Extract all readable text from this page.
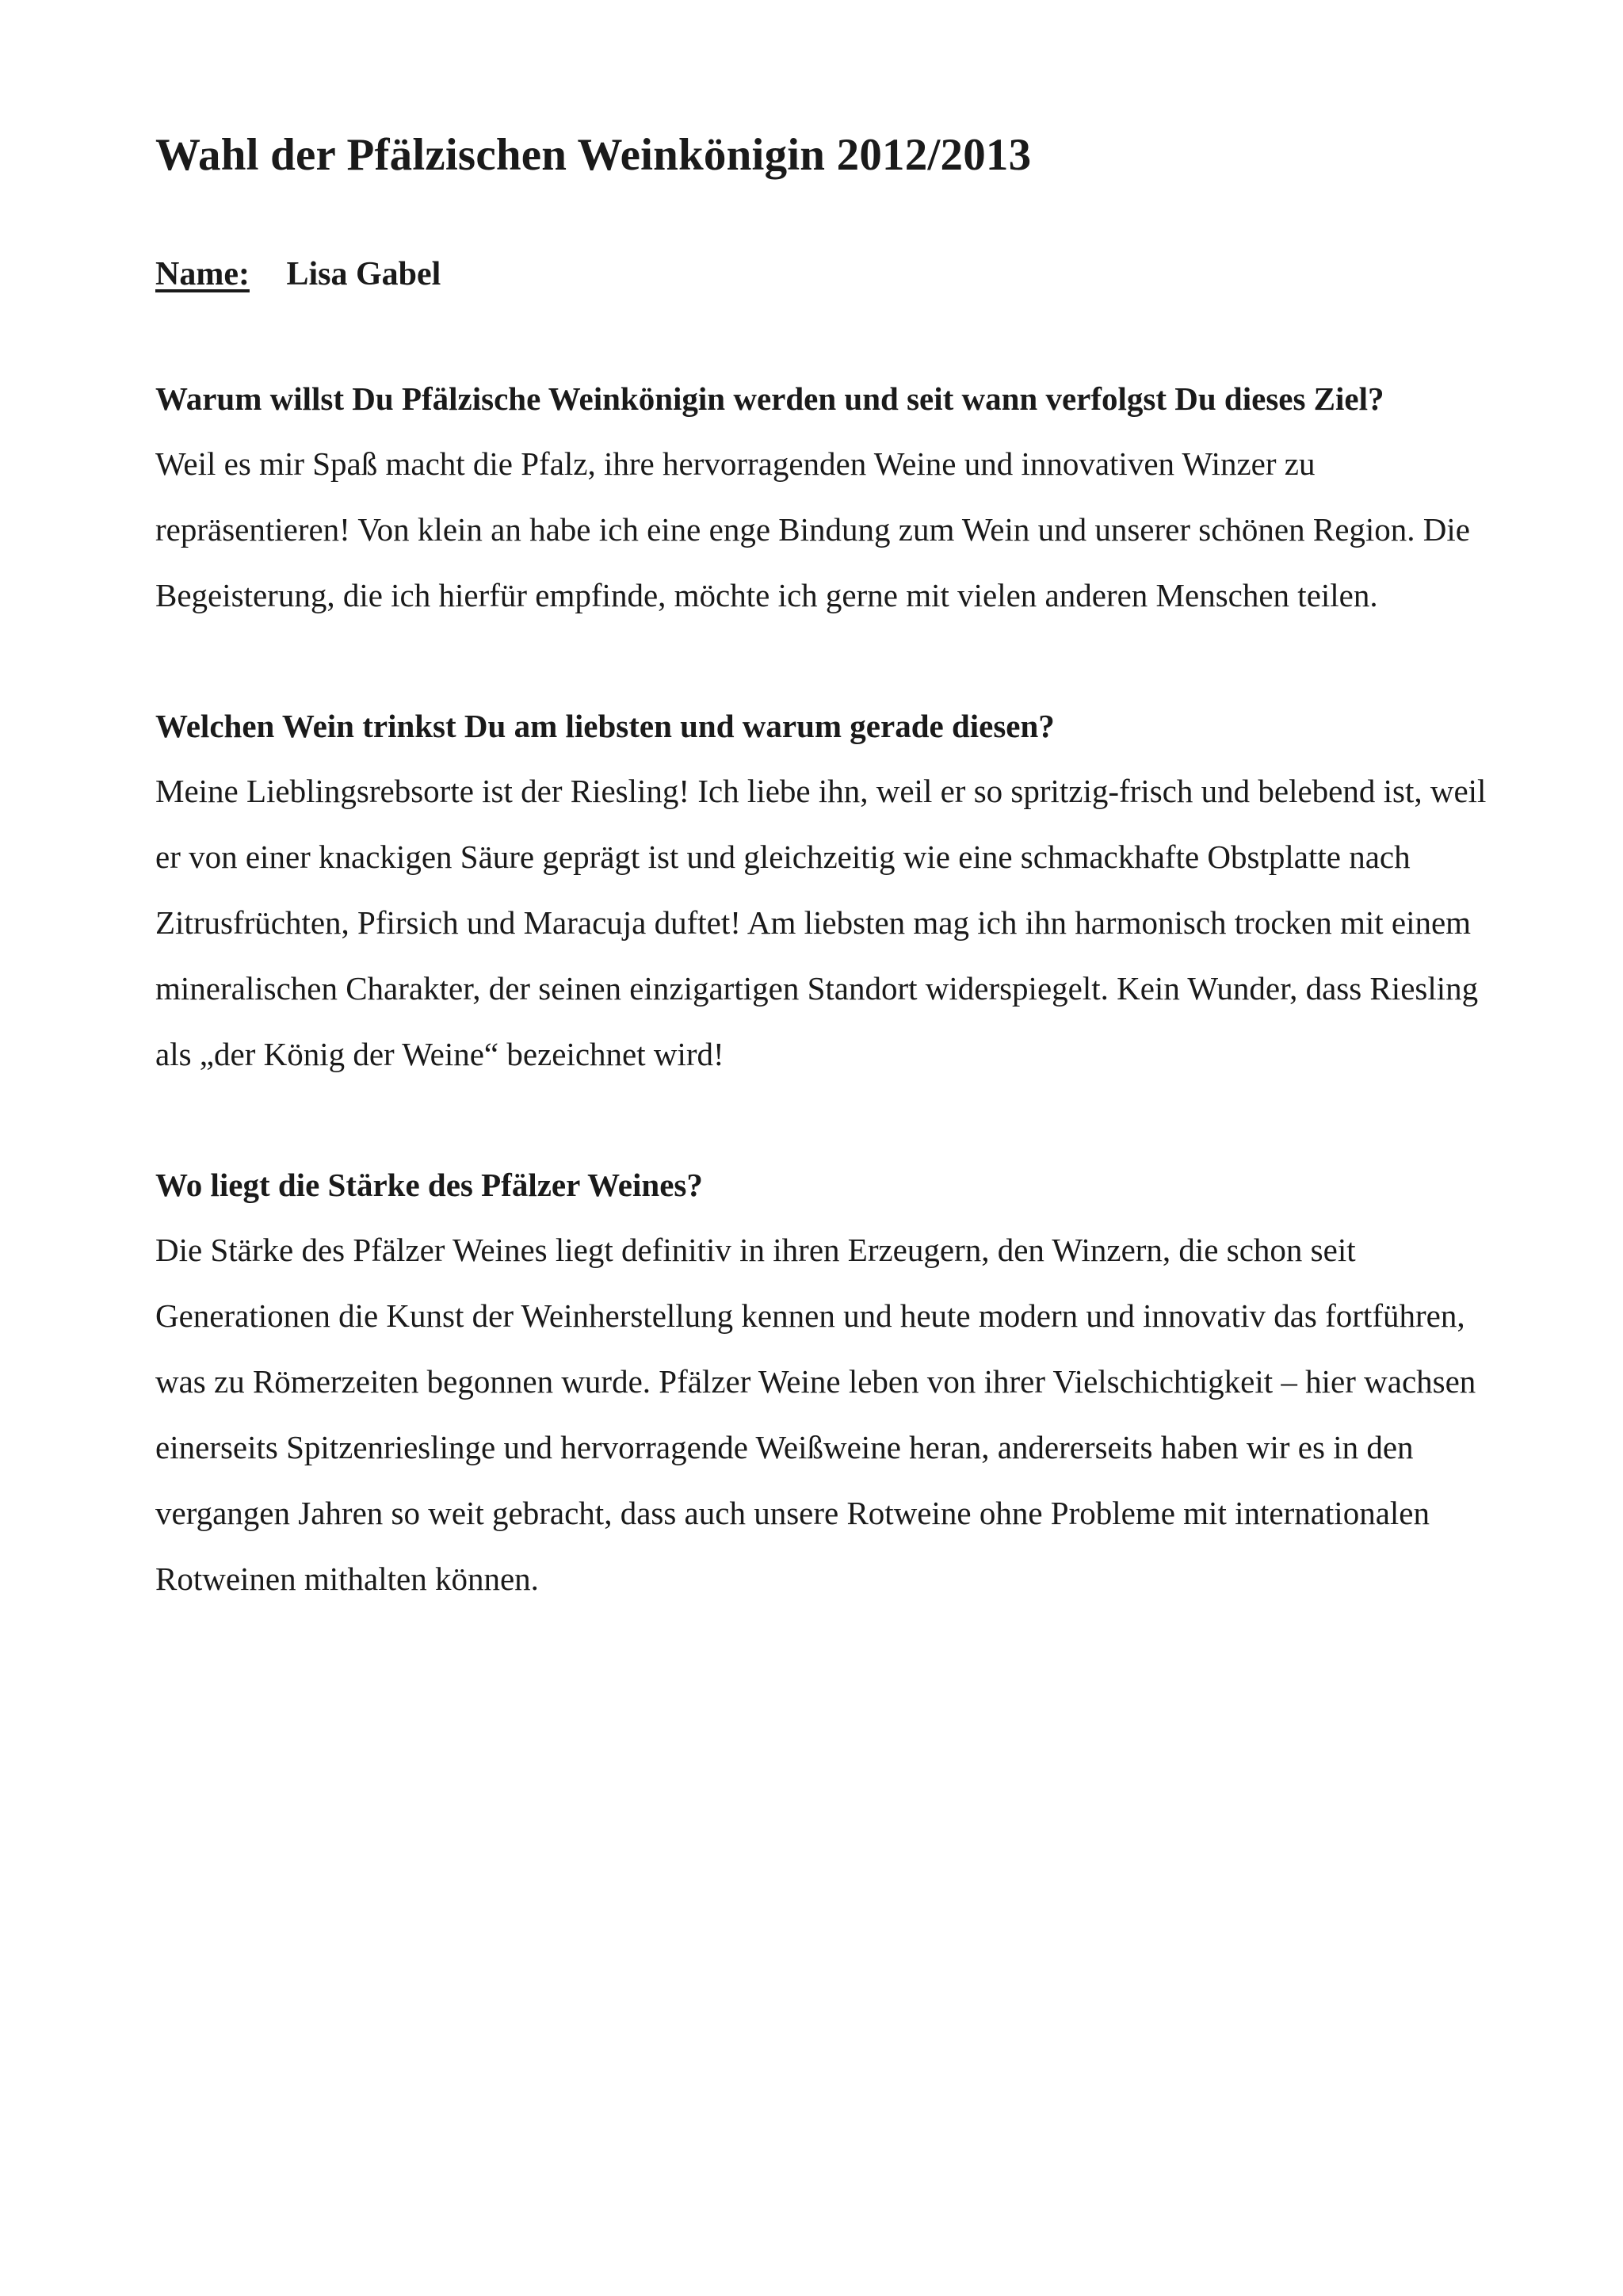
Wahl der Pfälzischen Weinkönigin 2012/2013
Name: Lisa Gabel

Warum willst Du Pfälzische Weinkönigin werden und seit wann verfolgst Du dieses Ziel?

Weil es mir Spaß macht die Pfalz, ihre hervorragenden Weine und innovativen Winzer zu repräsentieren! Von klein an habe ich eine enge Bindung zum Wein und unserer schönen Region. Die Begeisterung, die ich hierfür empfinde, möchte ich gerne mit vielen anderen Menschen teilen.

Welchen Wein trinkst Du am liebsten und warum gerade diesen?

Meine Lieblingsrebsorte ist der Riesling! Ich liebe ihn, weil er so spritzig-frisch und belebend ist, weil er von einer knackigen Säure geprägt ist und gleichzeitig wie eine schmackhafte Obstplatte nach Zitrusfrüchten, Pfirsich und Maracuja duftet! Am liebsten mag ich ihn harmonisch trocken mit einem mineralischen Charakter, der seinen einzigartigen Standort widerspiegelt. Kein Wunder, dass Riesling als „der König der Weine“ bezeichnet wird!

Wo liegt die Stärke des Pfälzer Weines?

Die Stärke des Pfälzer Weines liegt definitiv in ihren Erzeugern, den Winzern, die schon seit Generationen die Kunst der Weinherstellung kennen und heute modern und innovativ das fortführen, was zu Römerzeiten begonnen wurde. Pfälzer Weine leben von ihrer Vielschichtigkeit – hier wachsen einerseits Spitzenrieslinge und hervorragende Weißweine heran, andererseits haben wir es in den vergangen Jahren so weit gebracht, dass auch unsere Rotweine ohne Probleme mit internationalen Rotweinen mithalten können.
